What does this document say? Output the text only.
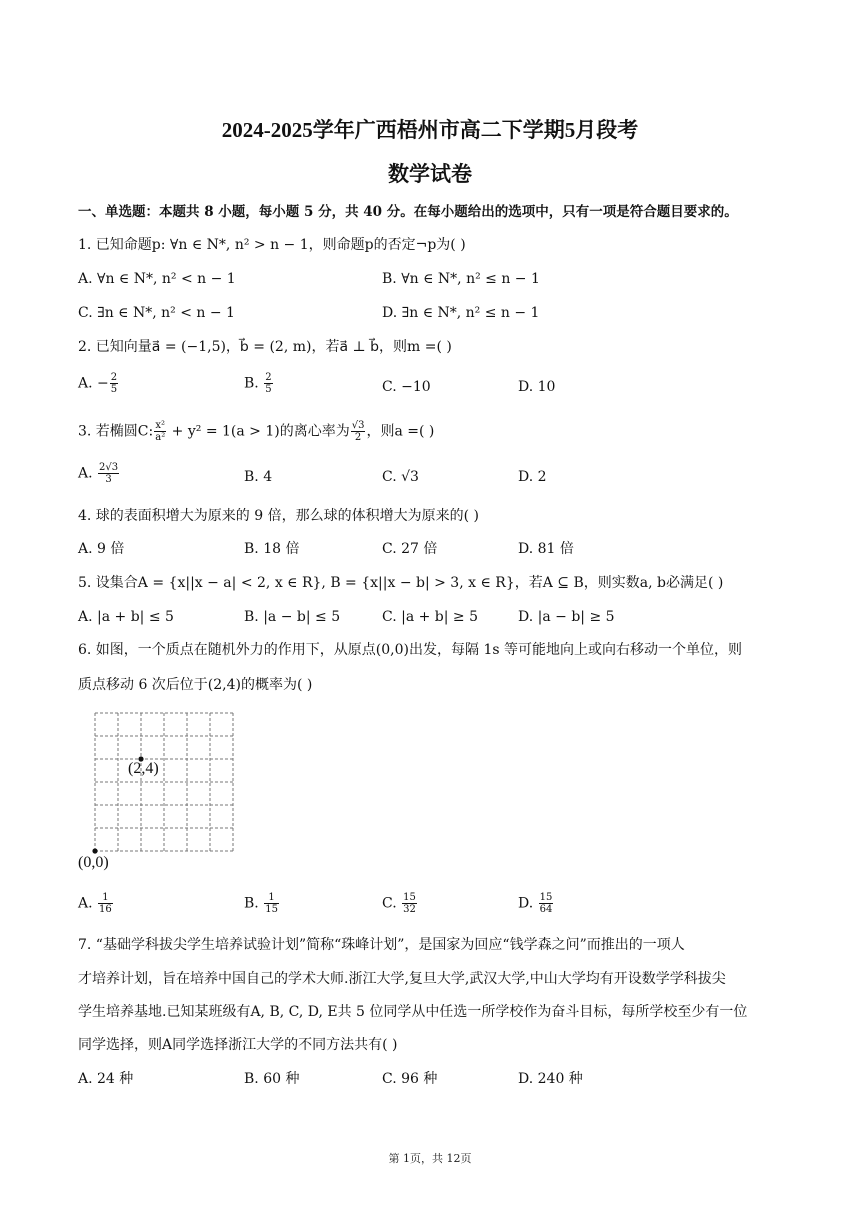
2024-2025学年广西梧州市高二下学期5月段考
数学试卷
一、单选题：本题共 8 小题，每小题 5 分，共 40 分。在每小题给出的选项中，只有一项是符合题目要求的。
1. 已知命题p: ∀n ∈ N*, n² > n − 1，则命题p的否定¬p为( )
A. ∀n ∈ N*, n² < n − 1	B. ∀n ∈ N*, n² ≤ n − 1
C. ∃n ∈ N*, n² < n − 1	D. ∃n ∈ N*, n² ≤ n − 1
2. 已知向量a⃗ = (−1,5)，b⃗ = (2, m)，若a⃗ ⊥ b⃗，则m =( )
A. − $\frac{2}{5}$	B. $\frac{2}{5}$	C. −10	D. 10
3. 若椭圆C: $\frac{\text{x²}}{\text{a²}} + y^2 = 1(a > 1)$的离心率为 $\frac{√3}{2}$ ，则a =( )
A. $\frac{2√3}{3}$	B. 4	C. √3	D. 2
4. 球的表面积增大为原来的 9 倍，那么球的体积增大为原来的( )
A. 9 倍	B. 18 倍	C. 27 倍	D. 81 倍
5. 设集合A = {x||x − a| < 2, x ∈ R}, B = {x||x − b| > 3, x ∈ R}，若A ⊆ B，则实数a, b必满足( )
A. |a + b| ≤ 5	B. |a − b| ≤ 5	C. |a + b| ≥ 5	D. |a − b| ≥ 5
6. 如图，一个质点在随机外力的作用下，从原点(0,0)出发，每隔 1s 等可能地向上或向右移动一个单位，则
质点移动 6 次后位于(2,4)的概率为( )
(2,4)
(0,0)
A. $\frac{1}{16}$	B. $\frac{1}{15}$	C. $\frac{15}{32}$	D. $\frac{15}{64}$
7. “基础学科拔尖学生培养试验计划”简称“珠峰计划”，是国家为回应“钱学森之问”而推出的一项人
才培养计划，旨在培养中国自己的学术大师.浙江大学,复旦大学,武汉大学,中山大学均有开设数学学科拔尖
学生培养基地.已知某班级有A, B, C, D, E共 5 位同学从中任选一所学校作为奋斗目标，每所学校至少有一位
同学选择，则A同学选择浙江大学的不同方法共有( )
A. 24 种	B. 60 种	C. 96 种	D. 240 种
第 1页，共 12页
